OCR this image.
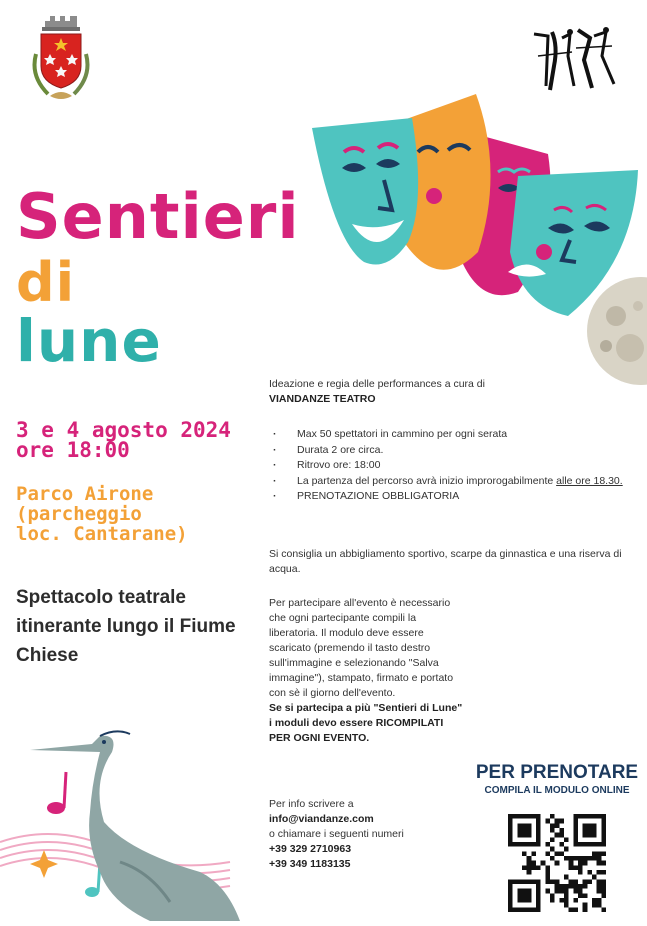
Sentieri
di
lune
3 e 4 agosto 2024
ore 18:00
Parco Airone
(parcheggio
loc. Cantarane)
Spettacolo teatrale itinerante lungo il Fiume Chiese
Ideazione e regia delle performances a cura di
VIANDANZE TEATRO
· Max 50 spettatori in cammino per ogni serata
· Durata 2 ore circa.
· Ritrovo ore: 18:00
· La partenza del percorso avrà inizio improrogabilmente alle ore 18.30.
· PRENOTAZIONE OBBLIGATORIA
Si consiglia un abbigliamento sportivo, scarpe da ginnastica e una riserva di acqua.
Per partecipare all'evento è necessario che ogni partecipante compili la liberatoria. Il modulo deve essere scaricato (premendo il tasto destro sull'immagine e selezionando "Salva immagine"), stampato, firmato e portato con sè il giorno dell'evento.
Se si partecipa a più "Sentieri di Lune" i moduli devo essere RICOMPILATI PER OGNI EVENTO.
Per info scrivere a
info@viandanze.com
o chiamare i seguenti numeri
+39 329 2710963
+39 349 1183135
PER PRENOTARE
COMPILA IL MODULO ONLINE
